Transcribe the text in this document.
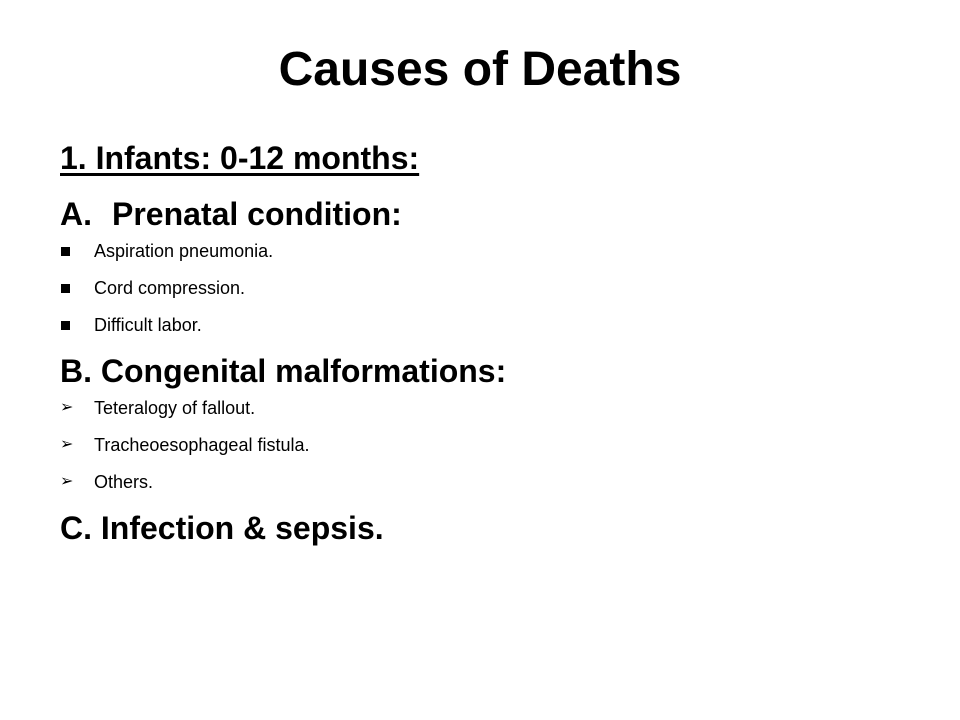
Causes of Deaths
1. Infants: 0-12 months:
A. Prenatal condition:
Aspiration pneumonia.
Cord compression.
Difficult labor.
B. Congenital malformations:
➢	Teteralogy of fallout.
➢	Tracheoesophageal fistula.
➢	Others.
C. Infection & sepsis.
